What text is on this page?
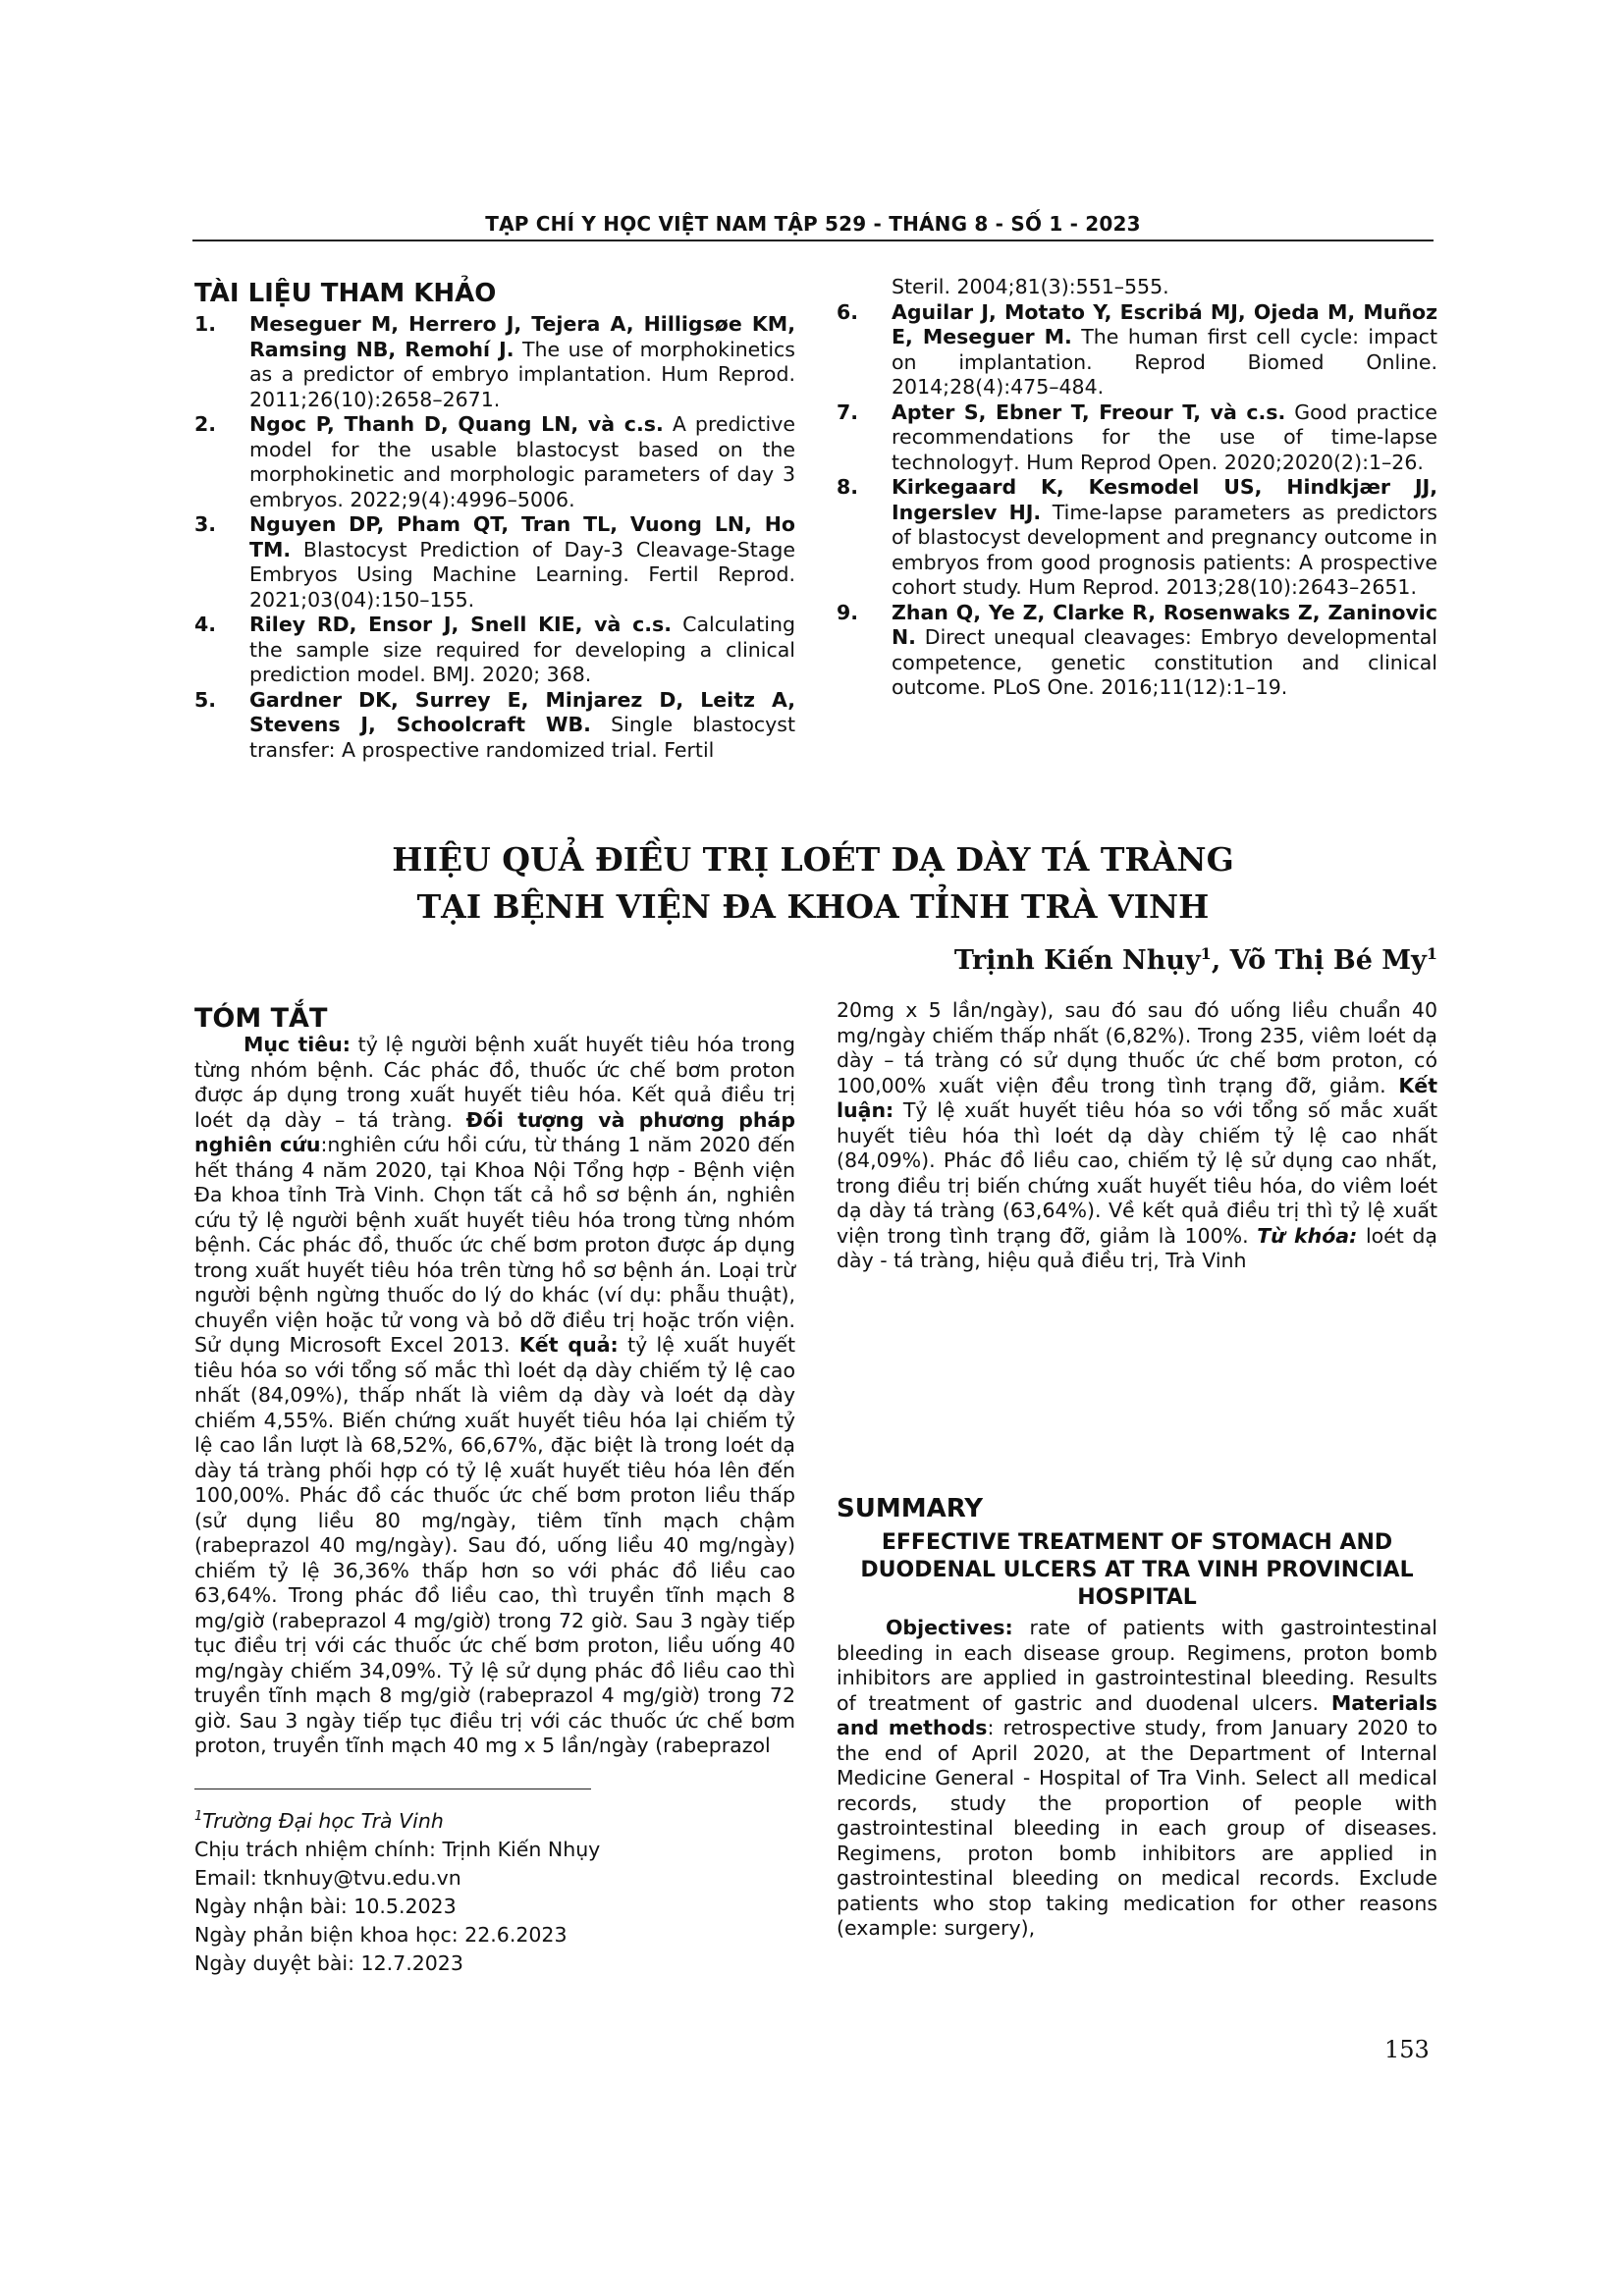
TẠP CHÍ Y HỌC VIỆT NAM TẬP 529 - THÁNG 8 - SỐ 1 - 2023
TÀI LIỆU THAM KHẢO
1.	Meseguer M, Herrero J, Tejera A, Hilligsøe KM, Ramsing NB, Remohí J. The use of morphokinetics as a predictor of embryo implantation. Hum Reprod. 2011;26(10):2658–2671.
2.	Ngoc P, Thanh D, Quang LN, và c.s. A predictive model for the usable blastocyst based on the morphokinetic and morphologic parameters of day 3 embryos. 2022;9(4):4996–5006.
3.	Nguyen DP, Pham QT, Tran TL, Vuong LN, Ho TM. Blastocyst Prediction of Day-3 Cleavage-Stage Embryos Using Machine Learning. Fertil Reprod. 2021;03(04):150–155.
4.	Riley RD, Ensor J, Snell KIE, và c.s. Calculating the sample size required for developing a clinical prediction model. BMJ. 2020; 368.
5.	Gardner DK, Surrey E, Minjarez D, Leitz A, Stevens J, Schoolcraft WB. Single blastocyst transfer: A prospective randomized trial. Fertil
Steril. 2004;81(3):551–555.
6.	Aguilar J, Motato Y, Escribá MJ, Ojeda M, Muñoz E, Meseguer M. The human first cell cycle: impact on implantation. Reprod Biomed Online. 2014;28(4):475–484.
7.	Apter S, Ebner T, Freour T, và c.s. Good practice recommendations for the use of time-lapse technology†. Hum Reprod Open. 2020;2020(2):1–26.
8.	Kirkegaard K, Kesmodel US, Hindkjær JJ, Ingerslev HJ. Time-lapse parameters as predictors of blastocyst development and pregnancy outcome in embryos from good prognosis patients: A prospective cohort study. Hum Reprod. 2013;28(10):2643–2651.
9.	Zhan Q, Ye Z, Clarke R, Rosenwaks Z, Zaninovic N. Direct unequal cleavages: Embryo developmental competence, genetic constitution and clinical outcome. PLoS One. 2016;11(12):1–19.
HIỆU QUẢ ĐIỀU TRỊ LOÉT DẠ DÀY TÁ TRÀNG
TẠI BỆNH VIỆN ĐA KHOA TỈNH TRÀ VINH
Trịnh Kiến Nhụy$^1$, Võ Thị Bé My$^1$
TÓM TẮT

Mục tiêu: tỷ lệ người bệnh xuất huyết tiêu hóa trong từng nhóm bệnh. Các phác đồ, thuốc ức chế bơm proton được áp dụng trong xuất huyết tiêu hóa. Kết quả điều trị loét dạ dày – tá tràng. Đối tượng và phương pháp nghiên cứu:nghiên cứu hồi cứu, từ tháng 1 năm 2020 đến hết tháng 4 năm 2020, tại Khoa Nội Tổng hợp - Bệnh viện Đa khoa tỉnh Trà Vinh. Chọn tất cả hồ sơ bệnh án, nghiên cứu tỷ lệ người bệnh xuất huyết tiêu hóa trong từng nhóm bệnh. Các phác đồ, thuốc ức chế bơm proton được áp dụng trong xuất huyết tiêu hóa trên từng hồ sơ bệnh án. Loại trừ người bệnh ngừng thuốc do lý do khác (ví dụ: phẫu thuật), chuyển viện hoặc tử vong và bỏ dỡ điều trị hoặc trốn viện. Sử dụng Microsoft Excel 2013. Kết quả: tỷ lệ xuất huyết tiêu hóa so với tổng số mắc thì loét dạ dày chiếm tỷ lệ cao nhất (84,09%), thấp nhất là viêm dạ dày và loét dạ dày chiếm 4,55%. Biến chứng xuất huyết tiêu hóa lại chiếm tỷ lệ cao lần lượt là 68,52%, 66,67%, đặc biệt là trong loét dạ dày tá tràng phối hợp có tỷ lệ xuất huyết tiêu hóa lên đến 100,00%. Phác đồ các thuốc ức chế bơm proton liều thấp (sử dụng liều 80 mg/ngày, tiêm tĩnh mạch chậm (rabeprazol 40 mg/ngày). Sau đó, uống liều 40 mg/ngày) chiếm tỷ lệ 36,36% thấp hơn so với phác đồ liều cao 63,64%. Trong phác đồ liều cao, thì truyền tĩnh mạch 8 mg/giờ (rabeprazol 4 mg/giờ) trong 72 giờ. Sau 3 ngày tiếp tục điều trị với các thuốc ức chế bơm proton, liều uống 40 mg/ngày chiếm 34,09%. Tỷ lệ sử dụng phác đồ liều cao thì truyền tĩnh mạch 8 mg/giờ (rabeprazol 4 mg/giờ) trong 72 giờ. Sau 3 ngày tiếp tục điều trị với các thuốc ức chế bơm proton, truyền tĩnh mạch 40 mg x 5 lần/ngày (rabeprazol

20mg x 5 lần/ngày), sau đó sau đó uống liều chuẩn 40 mg/ngày chiếm thấp nhất (6,82%). Trong 235, viêm loét dạ dày – tá tràng có sử dụng thuốc ức chế bơm proton, có 100,00% xuất viện đều trong tình trạng đỡ, giảm. Kết luận: Tỷ lệ xuất huyết tiêu hóa so với tổng số mắc xuất huyết tiêu hóa thì loét dạ dày chiếm tỷ lệ cao nhất (84,09%). Phác đồ liều cao, chiếm tỷ lệ sử dụng cao nhất, trong điều trị biến chứng xuất huyết tiêu hóa, do viêm loét dạ dày tá tràng (63,64%). Về kết quả điều trị thì tỷ lệ xuất viện trong tình trạng đỡ, giảm là 100%. Từ khóa: loét dạ dày - tá tràng, hiệu quả điều trị, Trà Vinh

SUMMARY
EFFECTIVE TREATMENT OF STOMACH AND DUODENAL ULCERS AT TRA VINH PROVINCIAL HOSPITAL

Objectives: rate of patients with gastrointestinal bleeding in each disease group. Regimens, proton bomb inhibitors are applied in gastrointestinal bleeding. Results of treatment of gastric and duodenal ulcers. Materials and methods: retrospective study, from January 2020 to the end of April 2020, at the Department of Internal Medicine General - Hospital of Tra Vinh. Select all medical records, study the proportion of people with gastrointestinal bleeding in each group of diseases. Regimens, proton bomb inhibitors are applied in gastrointestinal bleeding on medical records. Exclude patients who stop taking medication for other reasons (example: surgery),

$^1$Trường Đại học Trà Vinh
Chịu trách nhiệm chính: Trịnh Kiến Nhụy
Email: tknhuy@tvu.edu.vn
Ngày nhận bài: 10.5.2023
Ngày phản biện khoa học: 22.6.2023
Ngày duyệt bài: 12.7.2023
153
